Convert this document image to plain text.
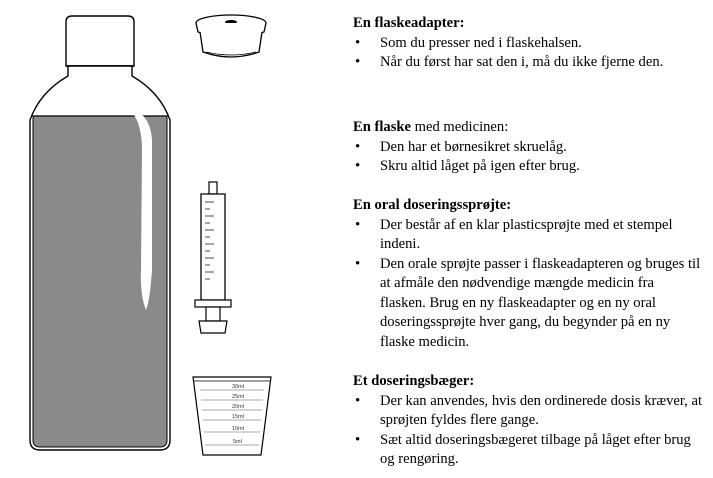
30ml
25ml
20ml
15ml
10ml
5ml

En flaskeadapter:

• Som du presser ned i flaskehalsen.
• Når du først har sat den i, må du ikke fjerne den.

En flaske med medicinen:

• Den har et børnesikret skruelåg.
• Skru altid låget på igen efter brug.

En oral doseringssprøjte:

• Der består af en klar plasticsprøjte med et stempel indeni.
• Den orale sprøjte passer i flaskeadapteren og bruges til at afmåle den nødvendige mængde medicin fra flasken. Brug en ny flaskeadapter og en ny oral doseringssprøjte hver gang, du begynder på en ny flaske medicin.

Et doseringsbæger:

• Der kan anvendes, hvis den ordinerede dosis kræver, at sprøjten fyldes flere gange.
• Sæt altid doseringsbægeret tilbage på låget efter brug og rengøring.
